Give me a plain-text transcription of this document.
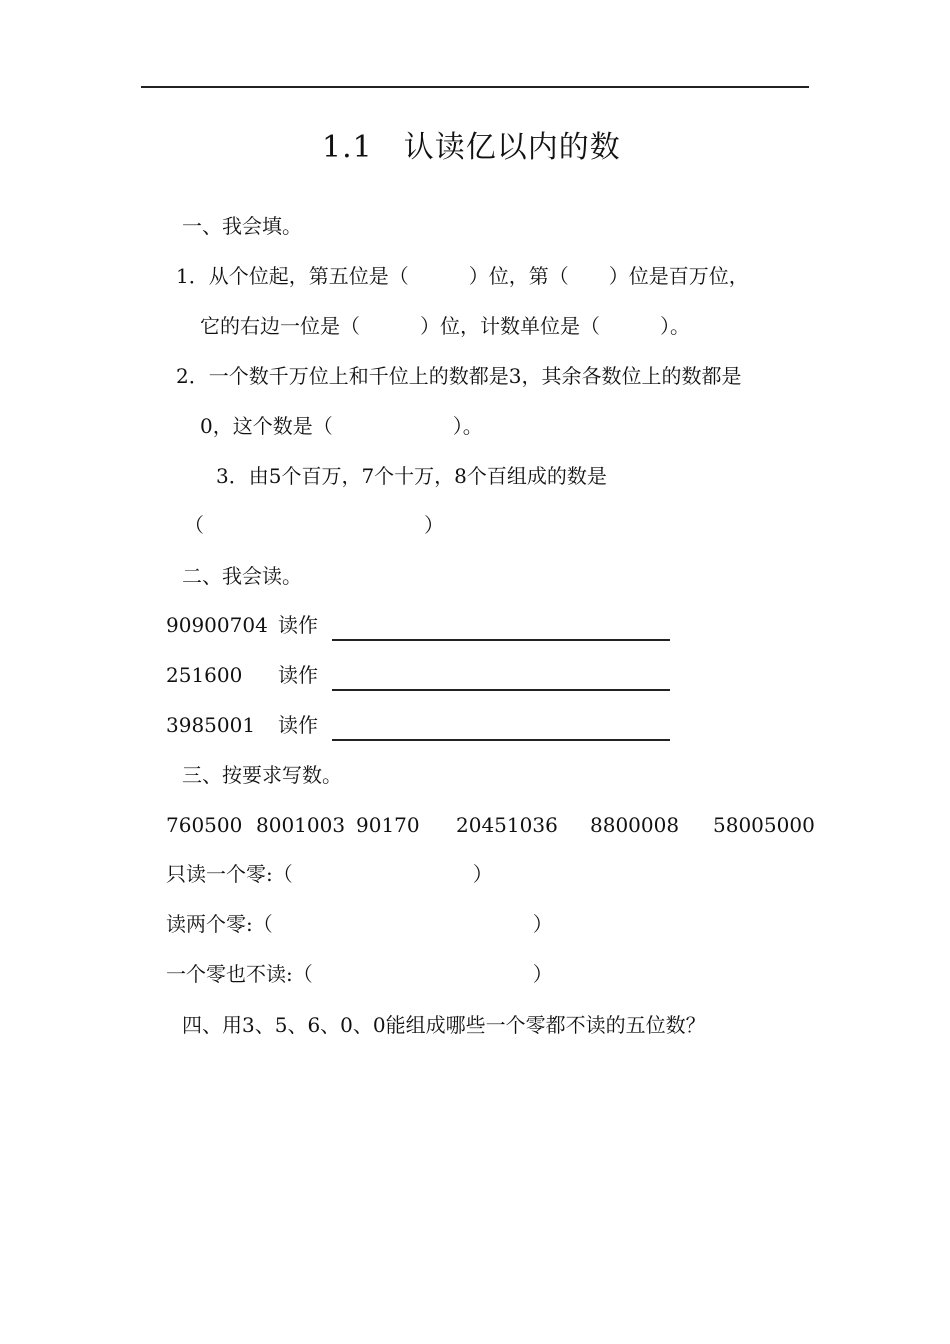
1.1　认读亿以内的数
一、我会填。
1．从个位起，第五位是（　　　）位，第（　　）位是百万位，
它的右边一位是（　　　）位，计数单位是（　　　）。
2．一个数千万位上和千位上的数都是3，其余各数位上的数都是
0，这个数是（　　　　　　）。
3．由5个百万，7个十万，8个百组成的数是
（　　　　　　　　　　　）
二、我会读。
90900704 读作
251600 读作
3985001 读作
三、按要求写数。
760500 8001003 90170 20451036 8800008 58005000
只读一个零:（　　　　　　　　　）
读两个零:（　　　　　　　　　　　　　）
一个零也不读:（　　　　　　　　　　　）
四、用3、5、6、0、0能组成哪些一个零都不读的五位数？
